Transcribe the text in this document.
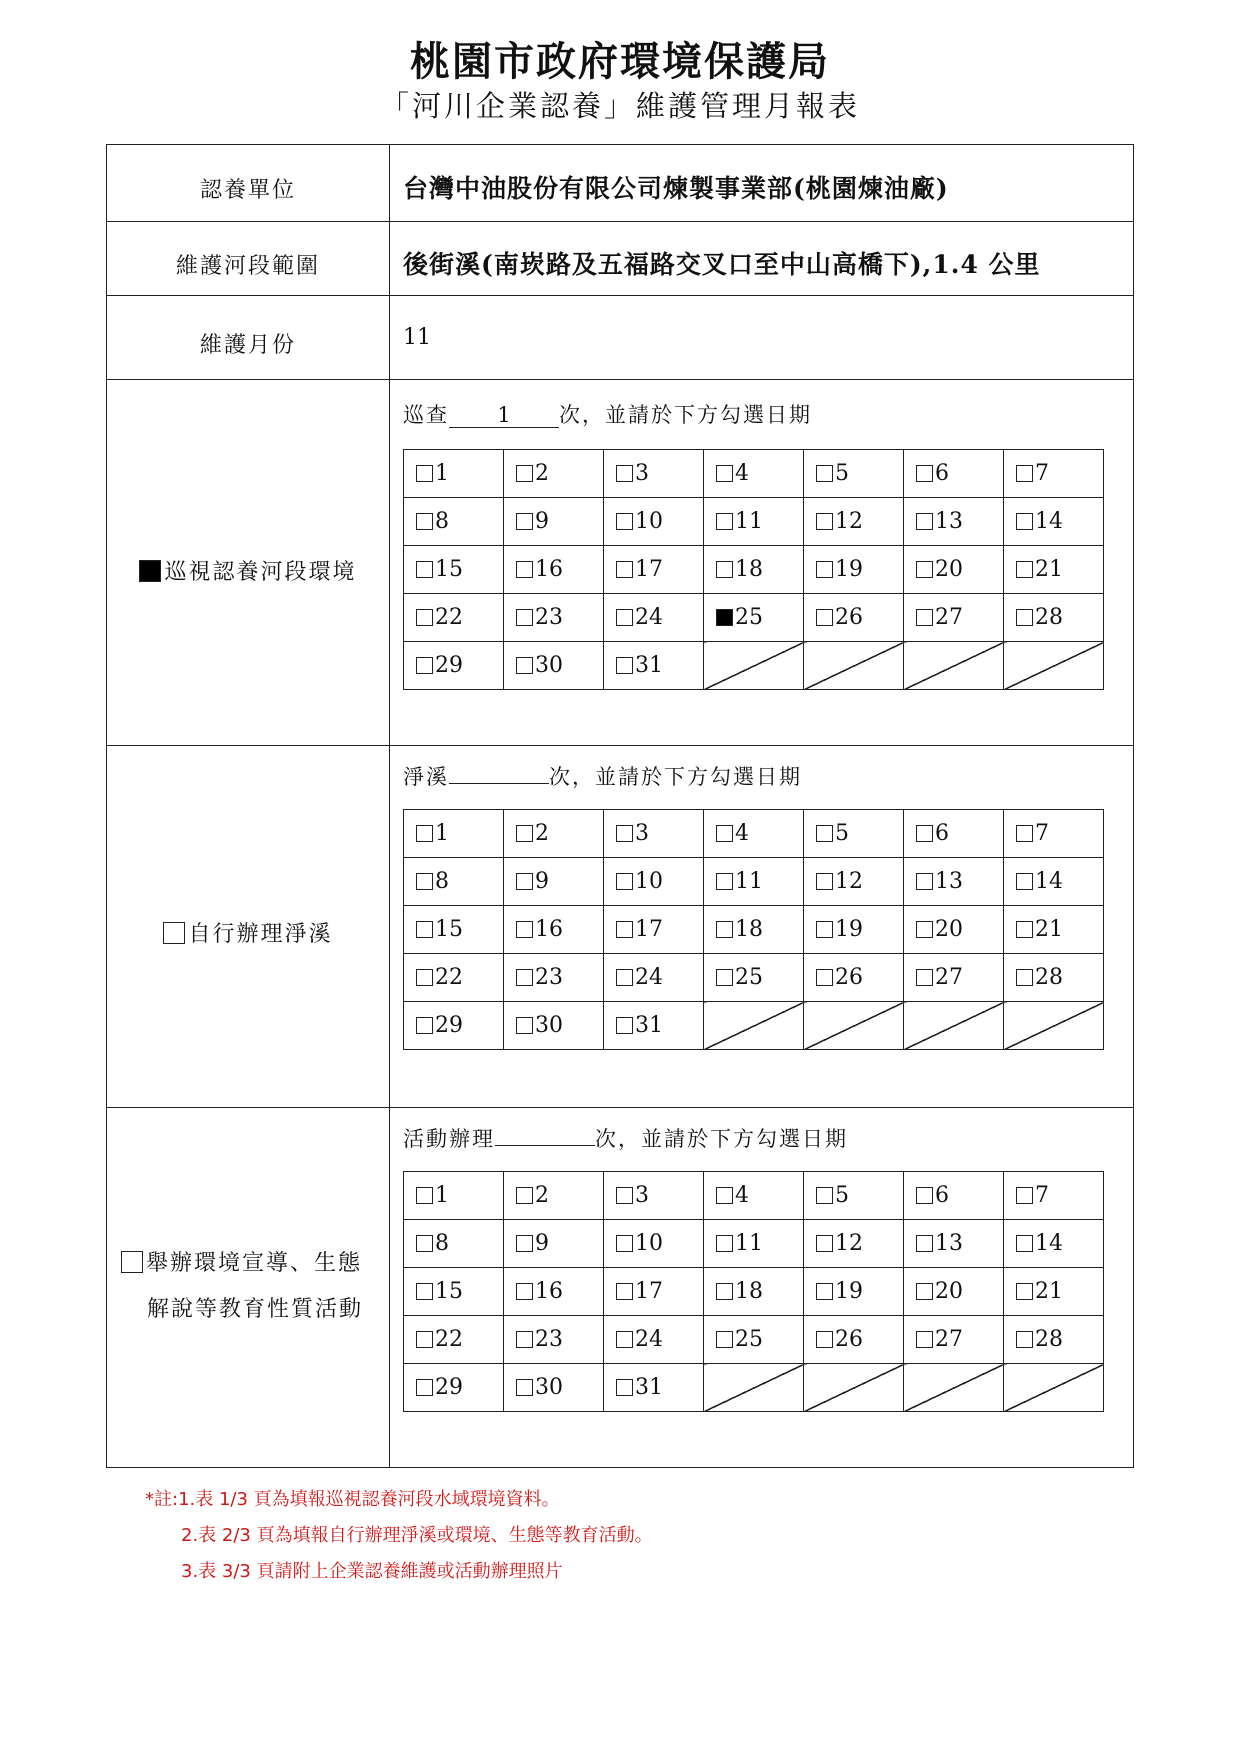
桃園市政府環境保護局
「河川企業認養」維護管理月報表
認養單位	台灣中油股份有限公司煉製事業部(桃園煉油廠)
維護河段範圍	後街溪(南崁路及五福路交叉口至中山高橋下),1.4 公里
維護月份	11
巡視認養河段環境
巡查 1 次，並請於下方勾選日期
1	2	3	4	5	6	7
8	9	10	11	12	13	14
15	16	17	18	19	20	21
22	23	24	25	26	27	28
29	30	31				
自行辦理淨溪
淨溪	次，並請於下方勾選日期
1	2	3	4	5	6	7
8	9	10	11	12	13	14
15	16	17	18	19	20	21
22	23	24	25	26	27	28
29	30	31				
舉辦環境宣導、生態
解說等教育性質活動
活動辦理	次，並請於下方勾選日期
1	2	3	4	5	6	7
8	9	10	11	12	13	14
15	16	17	18	19	20	21
22	23	24	25	26	27	28
29	30	31				
*註:1.表 1/3 頁為填報巡視認養河段水域環境資料。
2.表 2/3 頁為填報自行辦理淨溪或環境、生態等教育活動。
3.表 3/3 頁請附上企業認養維護或活動辦理照片
